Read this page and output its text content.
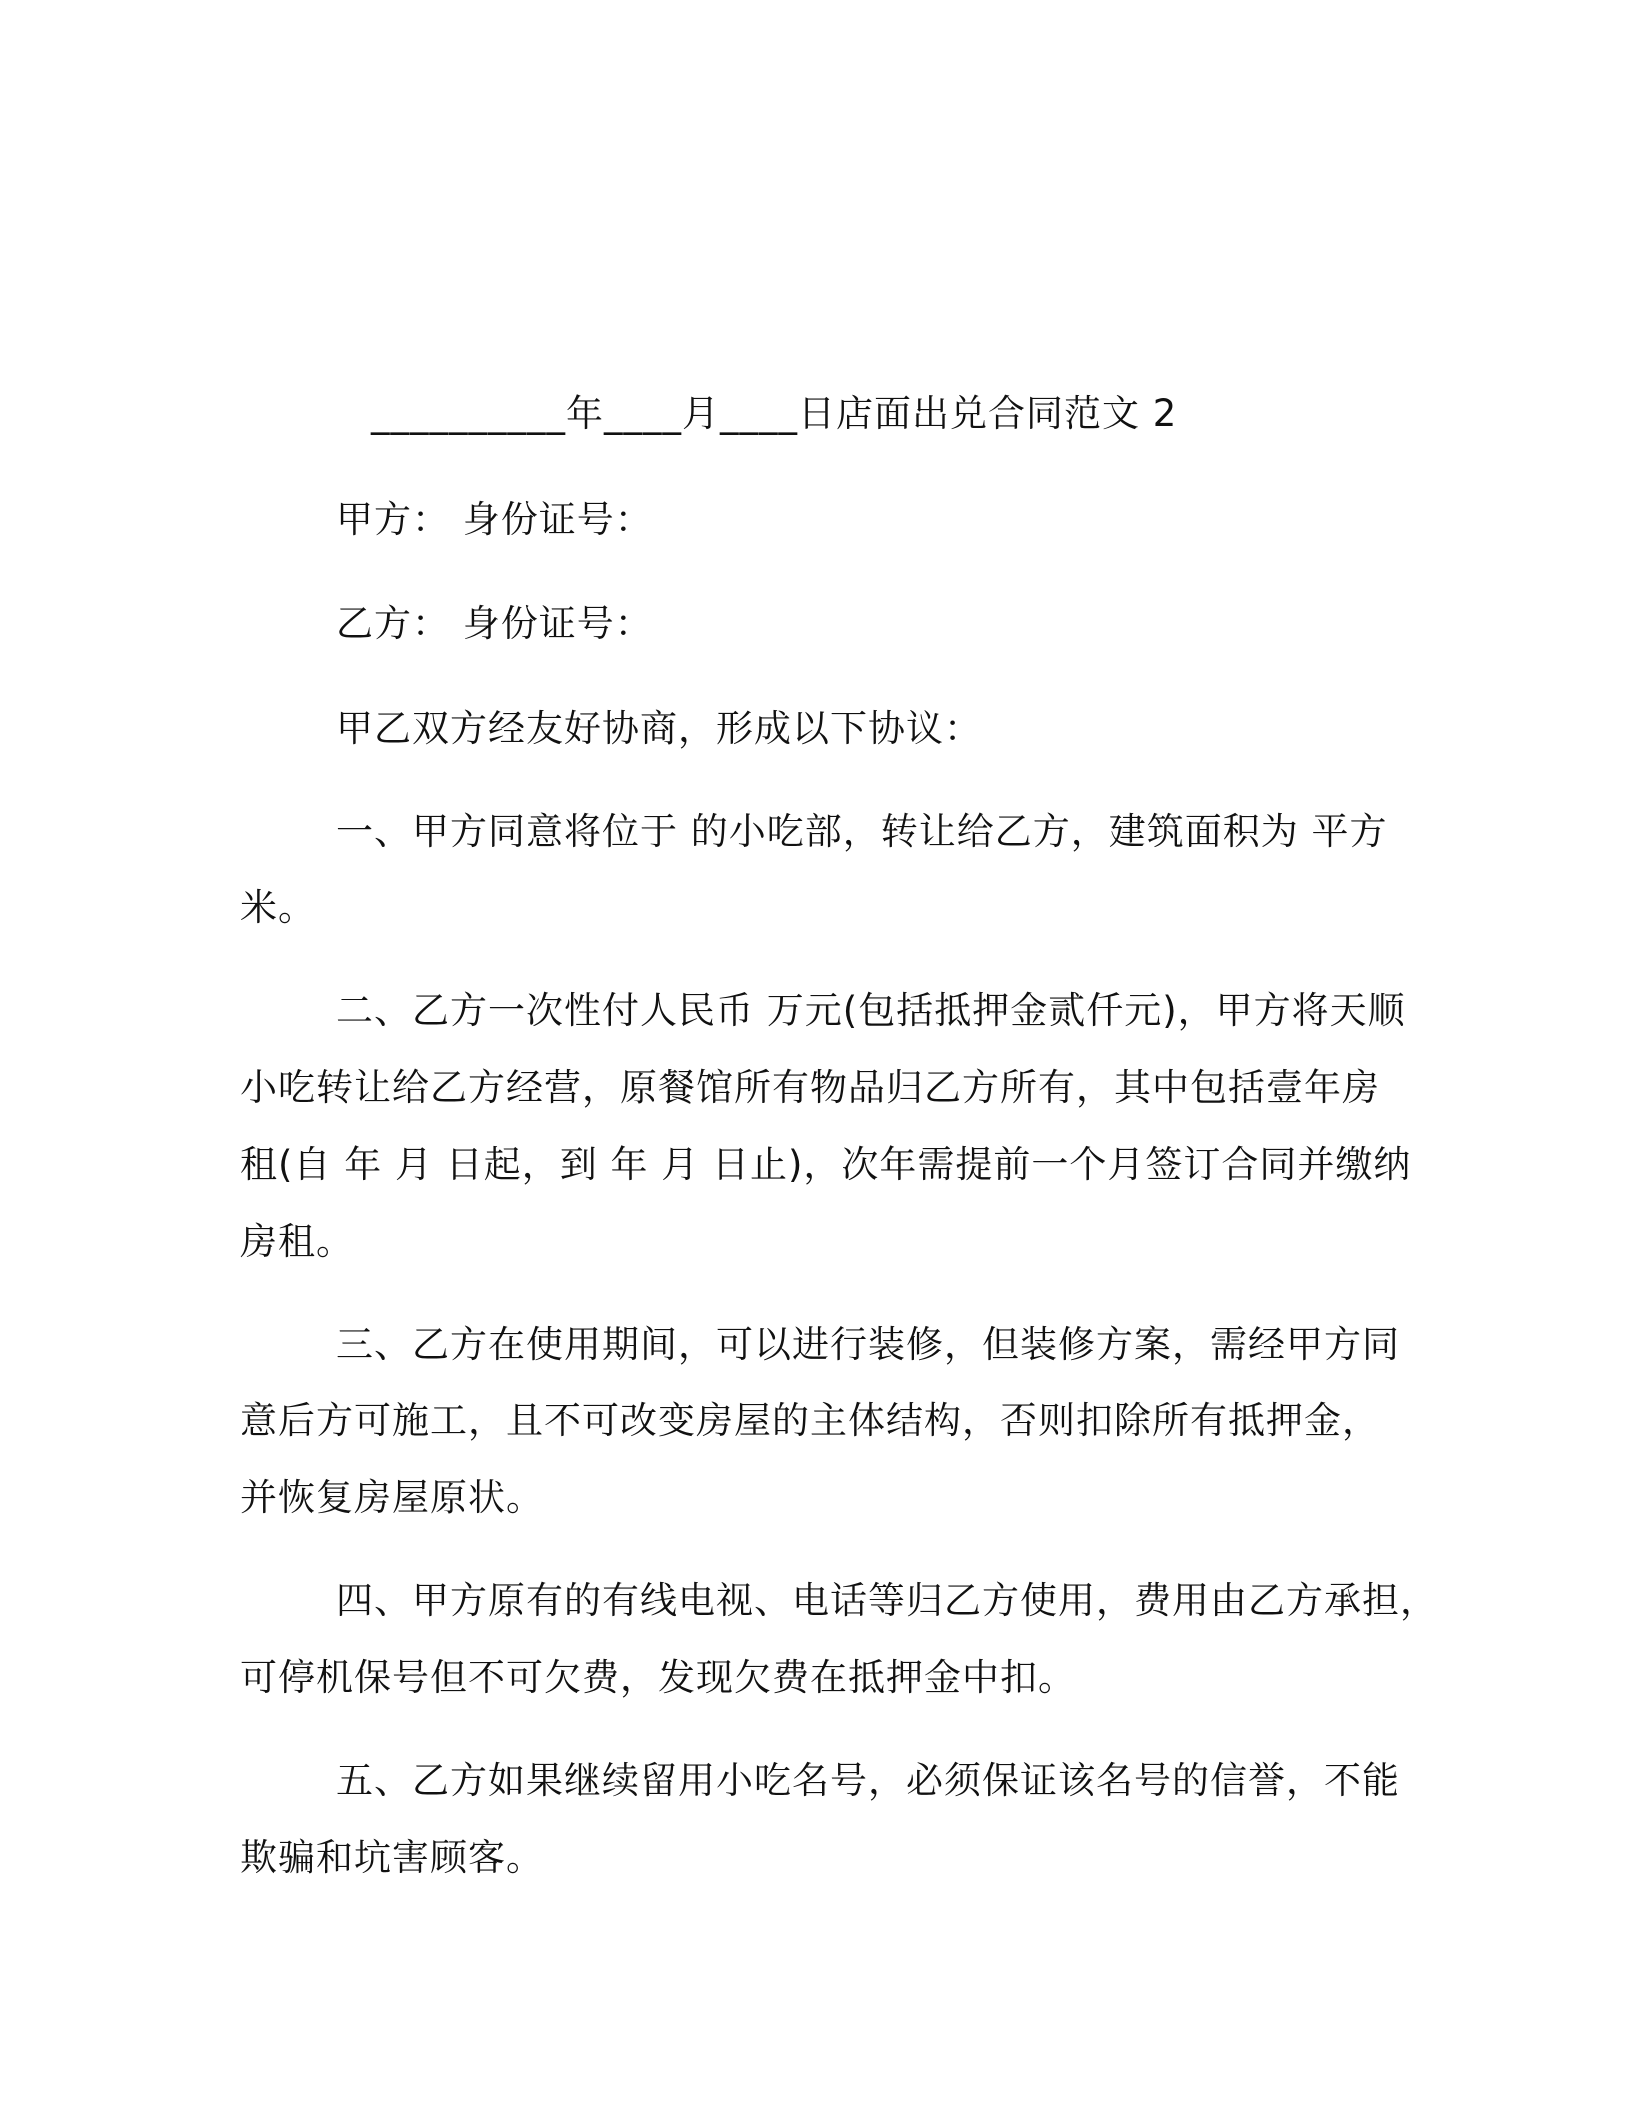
__________年____月____日店面出兑合同范文 2
甲方： 身份证号：
乙方： 身份证号：
甲乙双方经友好协商，形成以下协议：
一、甲方同意将位于 的小吃部，转让给乙方，建筑面积为 平方
米。
二、乙方一次性付人民币 万元(包括抵押金贰仟元)，甲方将天顺
小吃转让给乙方经营，原餐馆所有物品归乙方所有，其中包括壹年房
租(自 年 月 日起，到 年 月 日止)，次年需提前一个月签订合同并缴纳
房租。
三、乙方在使用期间，可以进行装修，但装修方案，需经甲方同
意后方可施工，且不可改变房屋的主体结构，否则扣除所有抵押金，
并恢复房屋原状。
四、甲方原有的有线电视、电话等归乙方使用，费用由乙方承担，
可停机保号但不可欠费，发现欠费在抵押金中扣。
五、乙方如果继续留用小吃名号，必须保证该名号的信誉，不能
欺骗和坑害顾客。
